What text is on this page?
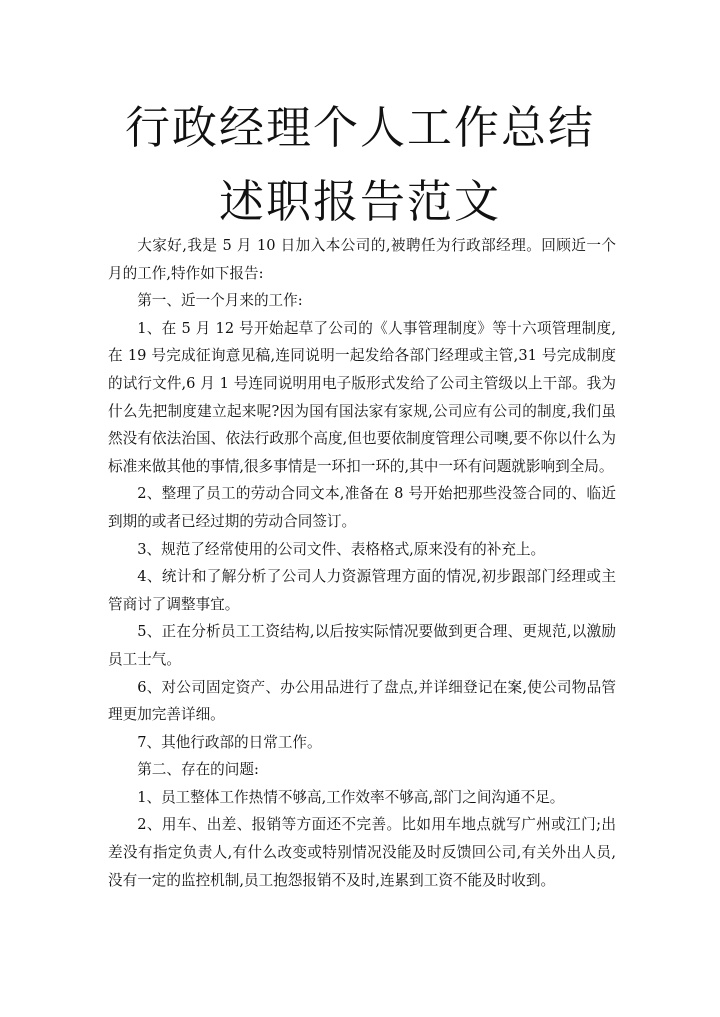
行政经理个人工作总结
述职报告范文

大家好,我是 5 月 10 日加入本公司的,被聘任为行政部经理。回顾近一个月的工作,特作如下报告:

第一、近一个月来的工作:

1、在 5 月 12 号开始起草了公司的《人事管理制度》等十六项管理制度,在 19 号完成征询意见稿,连同说明一起发给各部门经理或主管,31 号完成制度的试行文件,6 月 1 号连同说明用电子版形式发给了公司主管级以上干部。我为什么先把制度建立起来呢?因为国有国法家有家规,公司应有公司的制度,我们虽然没有依法治国、依法行政那个高度,但也要依制度管理公司噢,要不你以什么为标准来做其他的事情,很多事情是一环扣一环的,其中一环有问题就影响到全局。

2、整理了员工的劳动合同文本,准备在 8 号开始把那些没签合同的、临近到期的或者已经过期的劳动合同签订。

3、规范了经常使用的公司文件、表格格式,原来没有的补充上。

4、统计和了解分析了公司人力资源管理方面的情况,初步跟部门经理或主管商讨了调整事宜。

5、正在分析员工工资结构,以后按实际情况要做到更合理、更规范,以激励员工士气。

6、对公司固定资产、办公用品进行了盘点,并详细登记在案,使公司物品管理更加完善详细。

7、其他行政部的日常工作。

第二、存在的问题:

1、员工整体工作热情不够高,工作效率不够高,部门之间沟通不足。

2、用车、出差、报销等方面还不完善。比如用车地点就写广州或江门;出差没有指定负责人,有什么改变或特别情况没能及时反馈回公司,有关外出人员,没有一定的监控机制,员工抱怨报销不及时,连累到工资不能及时收到。
